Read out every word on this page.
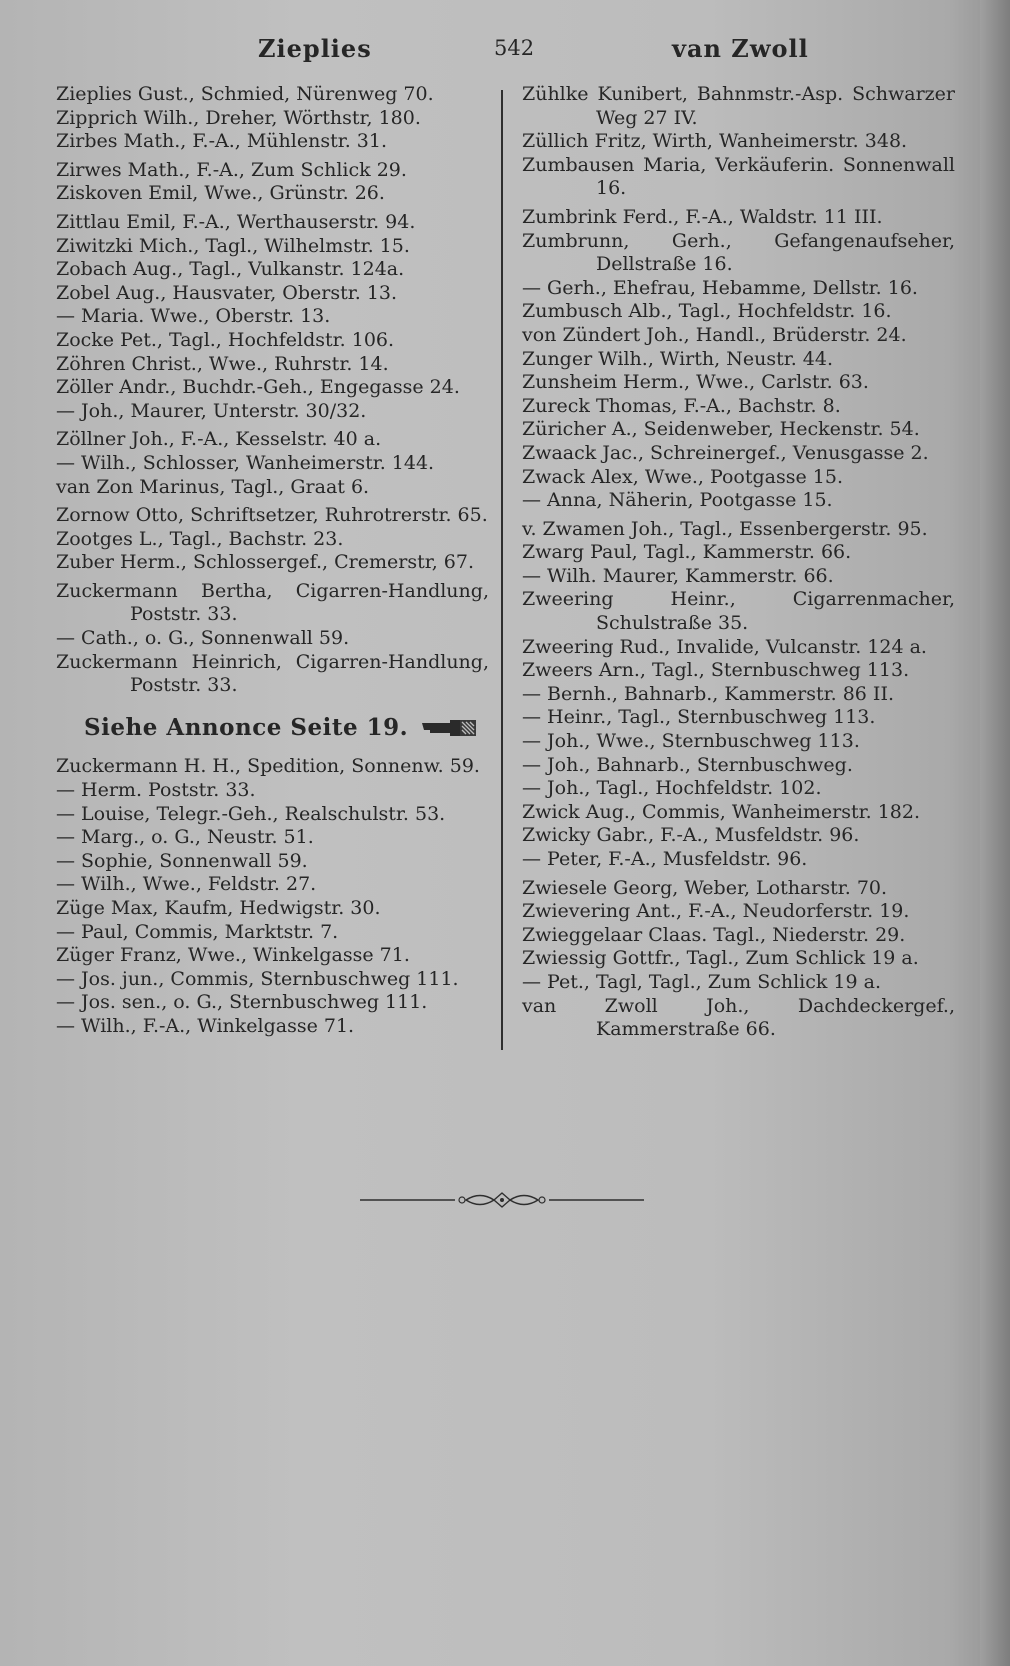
Zieplies	542	van Zwoll
Zieplies Gust., Schmied, Nürenweg 70.
Zipprich Wilh., Dreher, Wörthstr, 180.
Zirbes Math., F.-A., Mühlenstr. 31.
Zirwes Math., F.-A., Zum Schlick 29.
Ziskoven Emil, Wwe., Grünstr. 26.
Zittlau Emil, F.-A., Werthauserstr. 94.
Ziwitzki Mich., Tagl., Wilhelmstr. 15.
Zobach Aug., Tagl., Vulkanstr. 124a.
Zobel Aug., Hausvater, Oberstr. 13.
— Maria. Wwe., Oberstr. 13.
Zocke Pet., Tagl., Hochfeldstr. 106.
Zöhren Christ., Wwe., Ruhrstr. 14.
Zöller Andr., Buchdr.-Geh., Engegasse 24.
— Joh., Maurer, Unterstr. 30/32.
Zöllner Joh., F.-A., Kesselstr. 40 a.
— Wilh., Schlosser, Wanheimerstr. 144.
van Zon Marinus, Tagl., Graat 6.
Zornow Otto, Schriftsetzer, Ruhrotrerstr. 65.
Zootges L., Tagl., Bachstr. 23.
Zuber Herm., Schlossergef., Cremerstr, 67.
Zuckermann Bertha, Cigarren-Handlung, Poststr. 33.
— Cath., o. G., Sonnenwall 59.
Zuckermann Heinrich, Cigarren-Handlung, Poststr. 33.
Siehe Annonce Seite 19.
Zuckermann H. H., Spedition, Sonnenw. 59.
— Herm. Poststr. 33.
— Louise, Telegr.-Geh., Realschulstr. 53.
— Marg., o. G., Neustr. 51.
— Sophie, Sonnenwall 59.
— Wilh., Wwe., Feldstr. 27.
Züge Max, Kaufm, Hedwigstr. 30.
— Paul, Commis, Marktstr. 7.
Züger Franz, Wwe., Winkelgasse 71.
— Jos. jun., Commis, Sternbuschweg 111.
— Jos. sen., o. G., Sternbuschweg 111.
— Wilh., F.-A., Winkelgasse 71.
Zühlke Kunibert, Bahnmstr.-Asp. Schwarzer Weg 27 IV.
Züllich Fritz, Wirth, Wanheimerstr. 348.
Zumbausen Maria, Verkäuferin. Sonnenwall 16.
Zumbrink Ferd., F.-A., Waldstr. 11 III.
Zumbrunn, Gerh., Gefangenaufseher, Dellstraße 16.
— Gerh., Ehefrau, Hebamme, Dellstr. 16.
Zumbusch Alb., Tagl., Hochfeldstr. 16.
von Zündert Joh., Handl., Brüderstr. 24.
Zunger Wilh., Wirth, Neustr. 44.
Zunsheim Herm., Wwe., Carlstr. 63.
Zureck Thomas, F.-A., Bachstr. 8.
Züricher A., Seidenweber, Heckenstr. 54.
Zwaack Jac., Schreinergef., Venusgasse 2.
Zwack Alex, Wwe., Pootgasse 15.
— Anna, Näherin, Pootgasse 15.
v. Zwamen Joh., Tagl., Essenbergerstr. 95.
Zwarg Paul, Tagl., Kammerstr. 66.
— Wilh. Maurer, Kammerstr. 66.
Zweering Heinr., Cigarrenmacher, Schulstraße 35.
Zweering Rud., Invalide, Vulcanstr. 124 a.
Zweers Arn., Tagl., Sternbuschweg 113.
— Bernh., Bahnarb., Kammerstr. 86 II.
— Heinr., Tagl., Sternbuschweg 113.
— Joh., Wwe., Sternbuschweg 113.
— Joh., Bahnarb., Sternbuschweg.
— Joh., Tagl., Hochfeldstr. 102.
Zwick Aug., Commis, Wanheimerstr. 182.
Zwicky Gabr., F.-A., Musfeldstr. 96.
— Peter, F.-A., Musfeldstr. 96.
Zwiesele Georg, Weber, Lotharstr. 70.
Zwievering Ant., F.-A., Neudorferstr. 19.
Zwieggelaar Claas. Tagl., Niederstr. 29.
Zwiessig Gottfr., Tagl., Zum Schlick 19 a.
— Pet., Tagl, Tagl., Zum Schlick 19 a.
van Zwoll Joh., Dachdeckergef., Kammerstraße 66.
